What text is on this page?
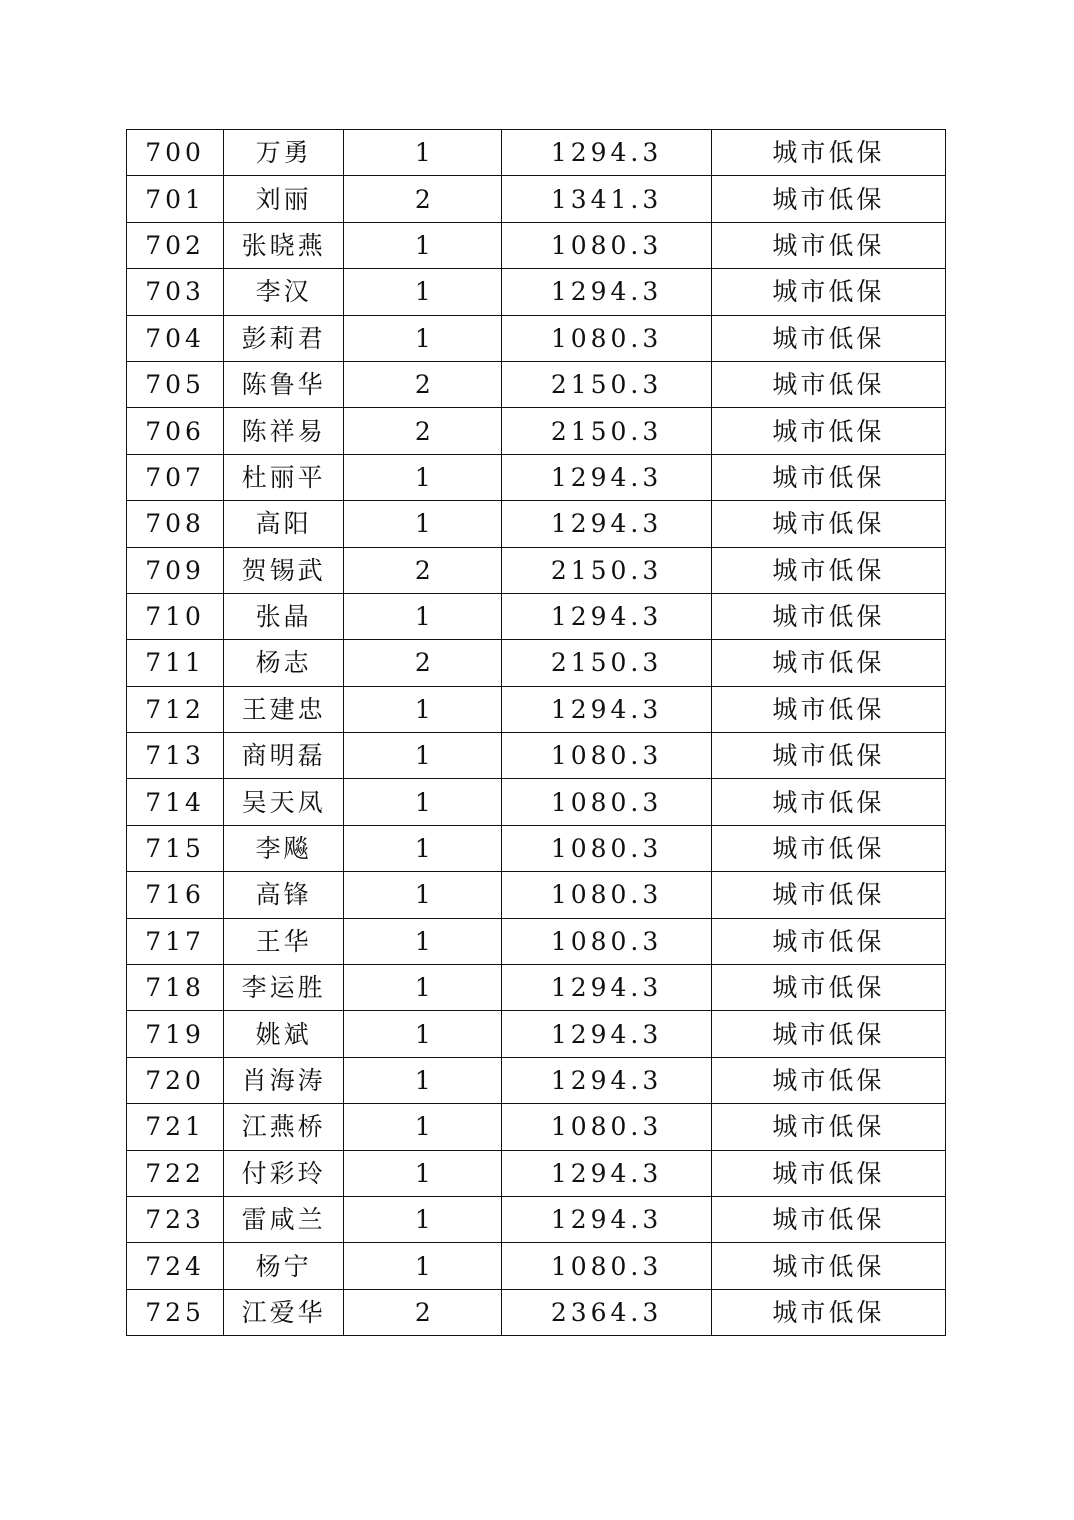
700	万勇	1	1294.3	城市低保
701	刘丽	2	1341.3	城市低保
702	张晓燕	1	1080.3	城市低保
703	李汉	1	1294.3	城市低保
704	彭莉君	1	1080.3	城市低保
705	陈鲁华	2	2150.3	城市低保
706	陈祥易	2	2150.3	城市低保
707	杜丽平	1	1294.3	城市低保
708	高阳	1	1294.3	城市低保
709	贺锡武	2	2150.3	城市低保
710	张晶	1	1294.3	城市低保
711	杨志	2	2150.3	城市低保
712	王建忠	1	1294.3	城市低保
713	商明磊	1	1080.3	城市低保
714	吴天凤	1	1080.3	城市低保
715	李飚	1	1080.3	城市低保
716	高锋	1	1080.3	城市低保
717	王华	1	1080.3	城市低保
718	李运胜	1	1294.3	城市低保
719	姚斌	1	1294.3	城市低保
720	肖海涛	1	1294.3	城市低保
721	江燕桥	1	1080.3	城市低保
722	付彩玲	1	1294.3	城市低保
723	雷咸兰	1	1294.3	城市低保
724	杨宁	1	1080.3	城市低保
725	江爱华	2	2364.3	城市低保
